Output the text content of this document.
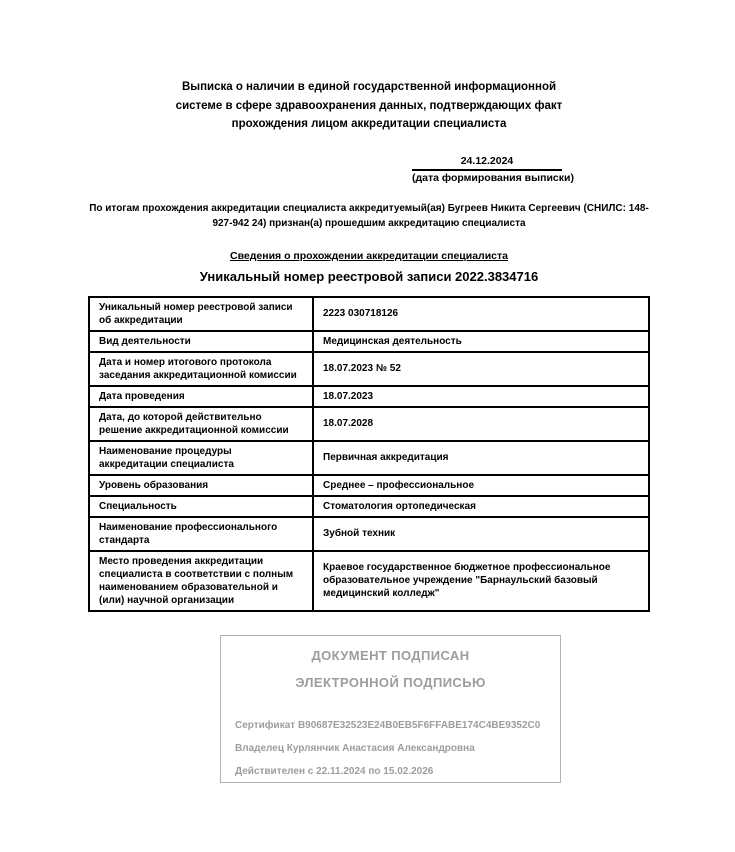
Выписка о наличии в единой государственной информационной системе в сфере здравоохранения данных, подтверждающих факт прохождения лицом аккредитации специалиста
24.12.2024
(дата формирования выписки)
По итогам прохождения аккредитации специалиста аккредитуемый(ая) Бугреев Никита Сергеевич (СНИЛС: 148-927-942 24) признан(а) прошедшим аккредитацию специалиста
Сведения о прохождении аккредитации специалиста
Уникальный номер реестровой записи 2022.3834716
Уникальный номер реестровой записи об аккредитации	2223 030718126
Вид деятельности	Медицинская деятельность
Дата и номер итогового протокола заседания аккредитационной комиссии	18.07.2023 № 52
Дата проведения	18.07.2023
Дата, до которой действительно решение аккредитационной комиссии	18.07.2028
Наименование процедуры аккредитации специалиста	Первичная аккредитация
Уровень образования	Среднее – профессиональное
Специальность	Стоматология ортопедическая
Наименование профессионального стандарта	Зубной техник
Место проведения аккредитации специалиста в соответствии с полным наименованием образовательной и (или) научной организации	Краевое государственное бюджетное профессиональное образовательное учреждение "Барнаульский базовый медицинский колледж"
ДОКУМЕНТ ПОДПИСАН
ЭЛЕКТРОННОЙ ПОДПИСЬЮ
Сертификат B90687E32523E24B0EB5F6FFABE174C4BE9352C0
Владелец Курлянчик Анастасия Александровна
Действителен с 22.11.2024 по 15.02.2026
